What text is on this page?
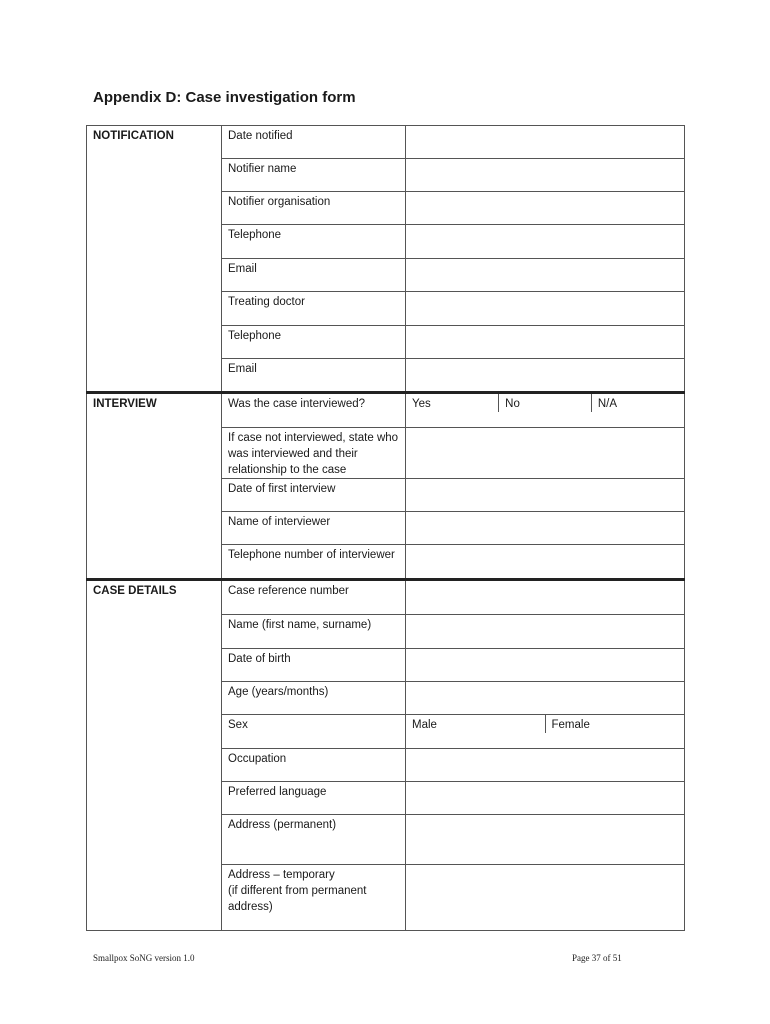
Appendix D: Case investigation form
NOTIFICATION	Date notified	
Notifier name	
Notifier organisation	
Telephone	
Email	
Treating doctor	
Telephone	
Email	
INTERVIEW	Was the case interviewed?		Yes	No	N/A

If case not interviewed, state who was interviewed and their relationship to the case	
Date of first interview	
Name of interviewer	
Telephone number of interviewer	
CASE DETAILS	Case reference number	
Name (first name, surname)	
Date of birth	
Age (years/months)	
Sex		Male	Female

Occupation	
Preferred language	
Address (permanent)	

Address – temporary
(if different from permanent address)

Smallpox SoNG version 1.0	Page 37 of 51
